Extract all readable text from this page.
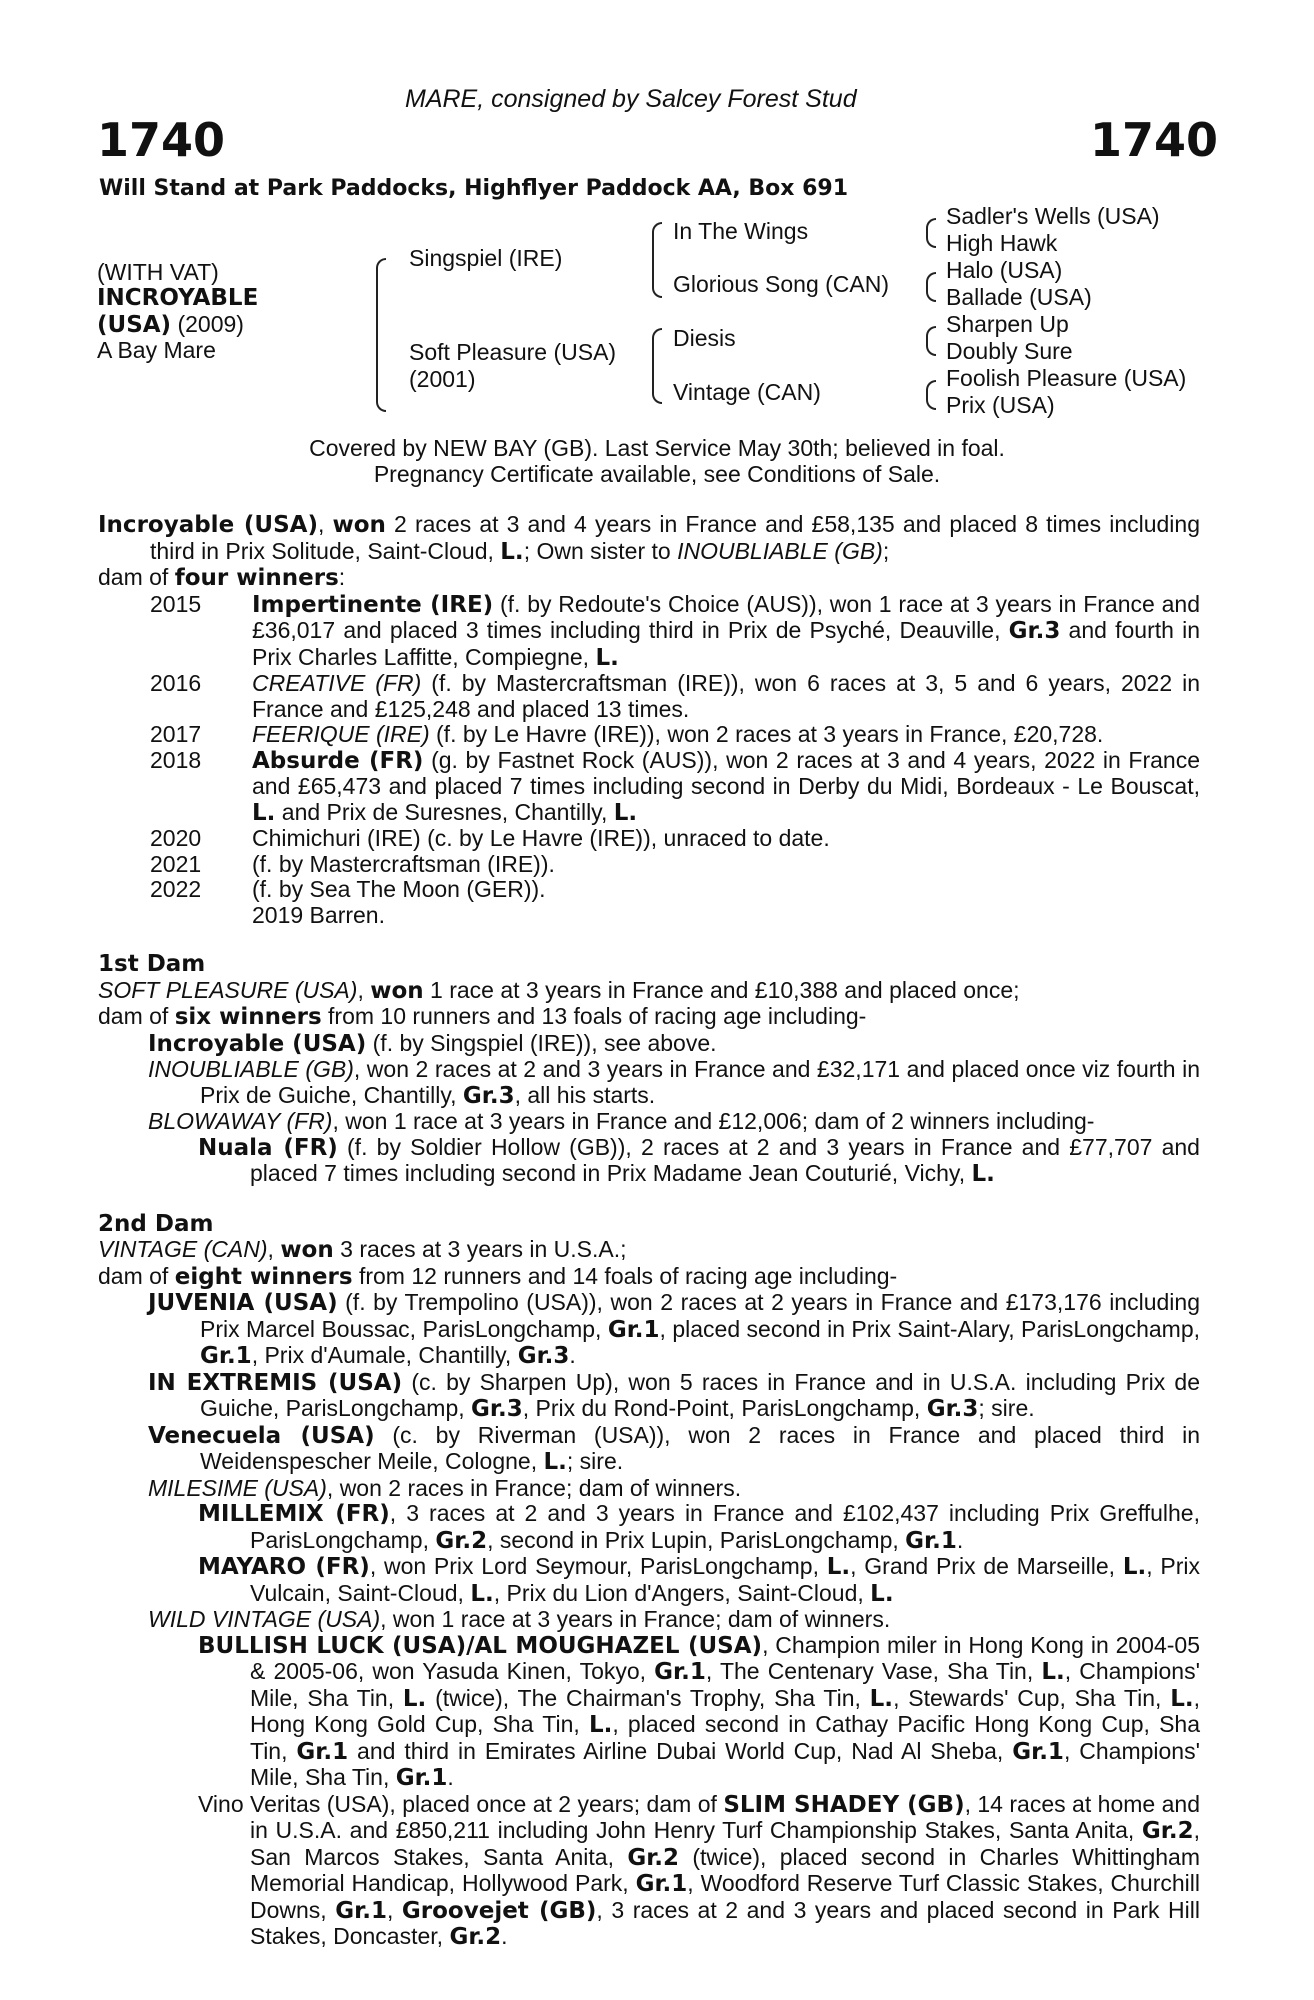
MARE, consigned by Salcey Forest Stud
1740	1740
Will Stand at Park Paddocks, Highflyer Paddock AA, Box 691
(WITH VAT)
INCROYABLE
(USA) (2009)
A Bay Mare
Singspiel (IRE)
Soft Pleasure (USA)
(2001)
In The Wings
Glorious Song (CAN)
Diesis
Vintage (CAN)
Sadler's Wells (USA)
High Hawk
Halo (USA)
Ballade (USA)
Sharpen Up
Doubly Sure
Foolish Pleasure (USA)
Prix (USA)
Covered by NEW BAY (GB). Last Service May 30th; believed in foal.
Pregnancy Certificate available, see Conditions of Sale.

Incroyable (USA), won 2 races at 3 and 4 years in France and £58,135 and placed 8 times including third in Prix Solitude, Saint-Cloud, L.; Own sister to INOUBLIABLE (GB);

dam of four winners:

2015	Impertinente (IRE) (f. by Redoute's Choice (AUS)), won 1 race at 3 years in France and £36,017 and placed 3 times including third in Prix de Psyché, Deauville, Gr.3 and fourth in Prix Charles Laffitte, Compiegne, L.
2016	CREATIVE (FR) (f. by Mastercraftsman (IRE)), won 6 races at 3, 5 and 6 years, 2022 in France and £125,248 and placed 13 times.
2017	FEERIQUE (IRE) (f. by Le Havre (IRE)), won 2 races at 3 years in France, £20,728.
2018	Absurde (FR) (g. by Fastnet Rock (AUS)), won 2 races at 3 and 4 years, 2022 in France and £65,473 and placed 7 times including second in Derby du Midi, Bordeaux - Le Bouscat, L. and Prix de Suresnes, Chantilly, L.
2020	Chimichuri (IRE) (c. by Le Havre (IRE)), unraced to date.
2021	(f. by Mastercraftsman (IRE)).
2022	(f. by Sea The Moon (GER)).
2019 Barren.
1st Dam

SOFT PLEASURE (USA), won 1 race at 3 years in France and £10,388 and placed once;

dam of six winners from 10 runners and 13 foals of racing age including-

Incroyable (USA) (f. by Singspiel (IRE)), see above.

INOUBLIABLE (GB), won 2 races at 2 and 3 years in France and £32,171 and placed once viz fourth in Prix de Guiche, Chantilly, Gr.3, all his starts.

BLOWAWAY (FR), won 1 race at 3 years in France and £12,006; dam of 2 winners including-

Nuala (FR) (f. by Soldier Hollow (GB)), 2 races at 2 and 3 years in France and £77,707 and placed 7 times including second in Prix Madame Jean Couturié, Vichy, L.

2nd Dam

VINTAGE (CAN), won 3 races at 3 years in U.S.A.;

dam of eight winners from 12 runners and 14 foals of racing age including-

JUVENIA (USA) (f. by Trempolino (USA)), won 2 races at 2 years in France and £173,176 including Prix Marcel Boussac, ParisLongchamp, Gr.1, placed second in Prix Saint-Alary, ParisLongchamp, Gr.1, Prix d'Aumale, Chantilly, Gr.3.

IN EXTREMIS (USA) (c. by Sharpen Up), won 5 races in France and in U.S.A. including Prix de Guiche, ParisLongchamp, Gr.3, Prix du Rond-Point, ParisLongchamp, Gr.3; sire.

Venecuela (USA) (c. by Riverman (USA)), won 2 races in France and placed third in Weidenspescher Meile, Cologne, L.; sire.

MILESIME (USA), won 2 races in France; dam of winners.

MILLEMIX (FR), 3 races at 2 and 3 years in France and £102,437 including Prix Greffulhe, ParisLongchamp, Gr.2, second in Prix Lupin, ParisLongchamp, Gr.1.

MAYARO (FR), won Prix Lord Seymour, ParisLongchamp, L., Grand Prix de Marseille, L., Prix Vulcain, Saint-Cloud, L., Prix du Lion d'Angers, Saint-Cloud, L.

WILD VINTAGE (USA), won 1 race at 3 years in France; dam of winners.

BULLISH LUCK (USA)/AL MOUGHAZEL (USA), Champion miler in Hong Kong in 2004-05 & 2005-06, won Yasuda Kinen, Tokyo, Gr.1, The Centenary Vase, Sha Tin, L., Champions' Mile, Sha Tin, L. (twice), The Chairman's Trophy, Sha Tin, L., Stewards' Cup, Sha Tin, L., Hong Kong Gold Cup, Sha Tin, L., placed second in Cathay Pacific Hong Kong Cup, Sha Tin, Gr.1 and third in Emirates Airline Dubai World Cup, Nad Al Sheba, Gr.1, Champions' Mile, Sha Tin, Gr.1.

Vino Veritas (USA), placed once at 2 years; dam of SLIM SHADEY (GB), 14 races at home and in U.S.A. and £850,211 including John Henry Turf Championship Stakes, Santa Anita, Gr.2, San Marcos Stakes, Santa Anita, Gr.2 (twice), placed second in Charles Whittingham Memorial Handicap, Hollywood Park, Gr.1, Woodford Reserve Turf Classic Stakes, Churchill Downs, Gr.1, Groovejet (GB), 3 races at 2 and 3 years and placed second in Park Hill Stakes, Doncaster, Gr.2.
